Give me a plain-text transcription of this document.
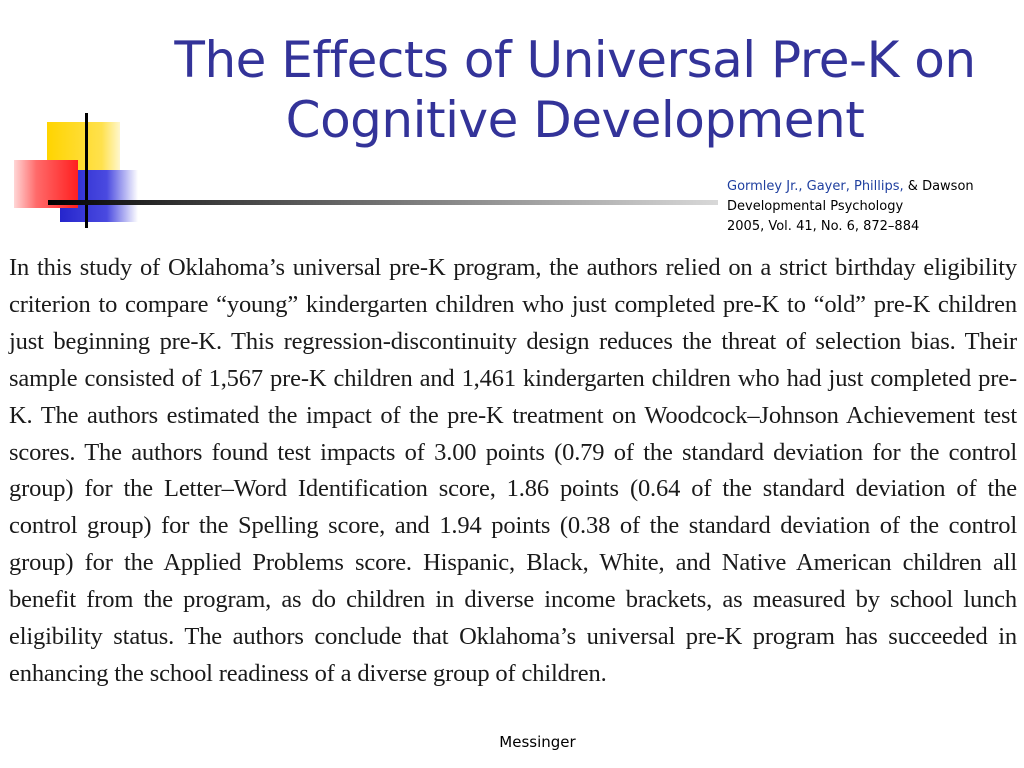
The Effects of Universal Pre-K on Cognitive Development
Gormley Jr., Gayer, Phillips, & Dawson
Developmental Psychology
2005, Vol. 41, No. 6, 872–884

In this study of Oklahoma’s universal pre-K program, the authors relied on a strict birthday eligibility criterion to compare “young” kindergarten children who just completed pre-K to “old” pre-K children just beginning pre-K. This regression-discontinuity design reduces the threat of selection bias. Their sample consisted of 1,567 pre-K children and 1,461 kindergarten children who had just completed pre-K. The authors estimated the impact of the pre-K treatment on Woodcock–Johnson Achievement test scores. The authors found test impacts of 3.00 points (0.79 of the standard deviation for the control group) for the Letter–Word Identification score, 1.86 points (0.64 of the standard deviation of the control group) for the Spelling score, and 1.94 points (0.38 of the standard deviation of the control group) for the Applied Problems score. Hispanic, Black, White, and Native American children all benefit from the program, as do children in diverse income brackets, as measured by school lunch eligibility status. The authors conclude that Oklahoma’s universal pre-K program has succeeded in enhancing the school readiness of a diverse group of children.

Messinger
